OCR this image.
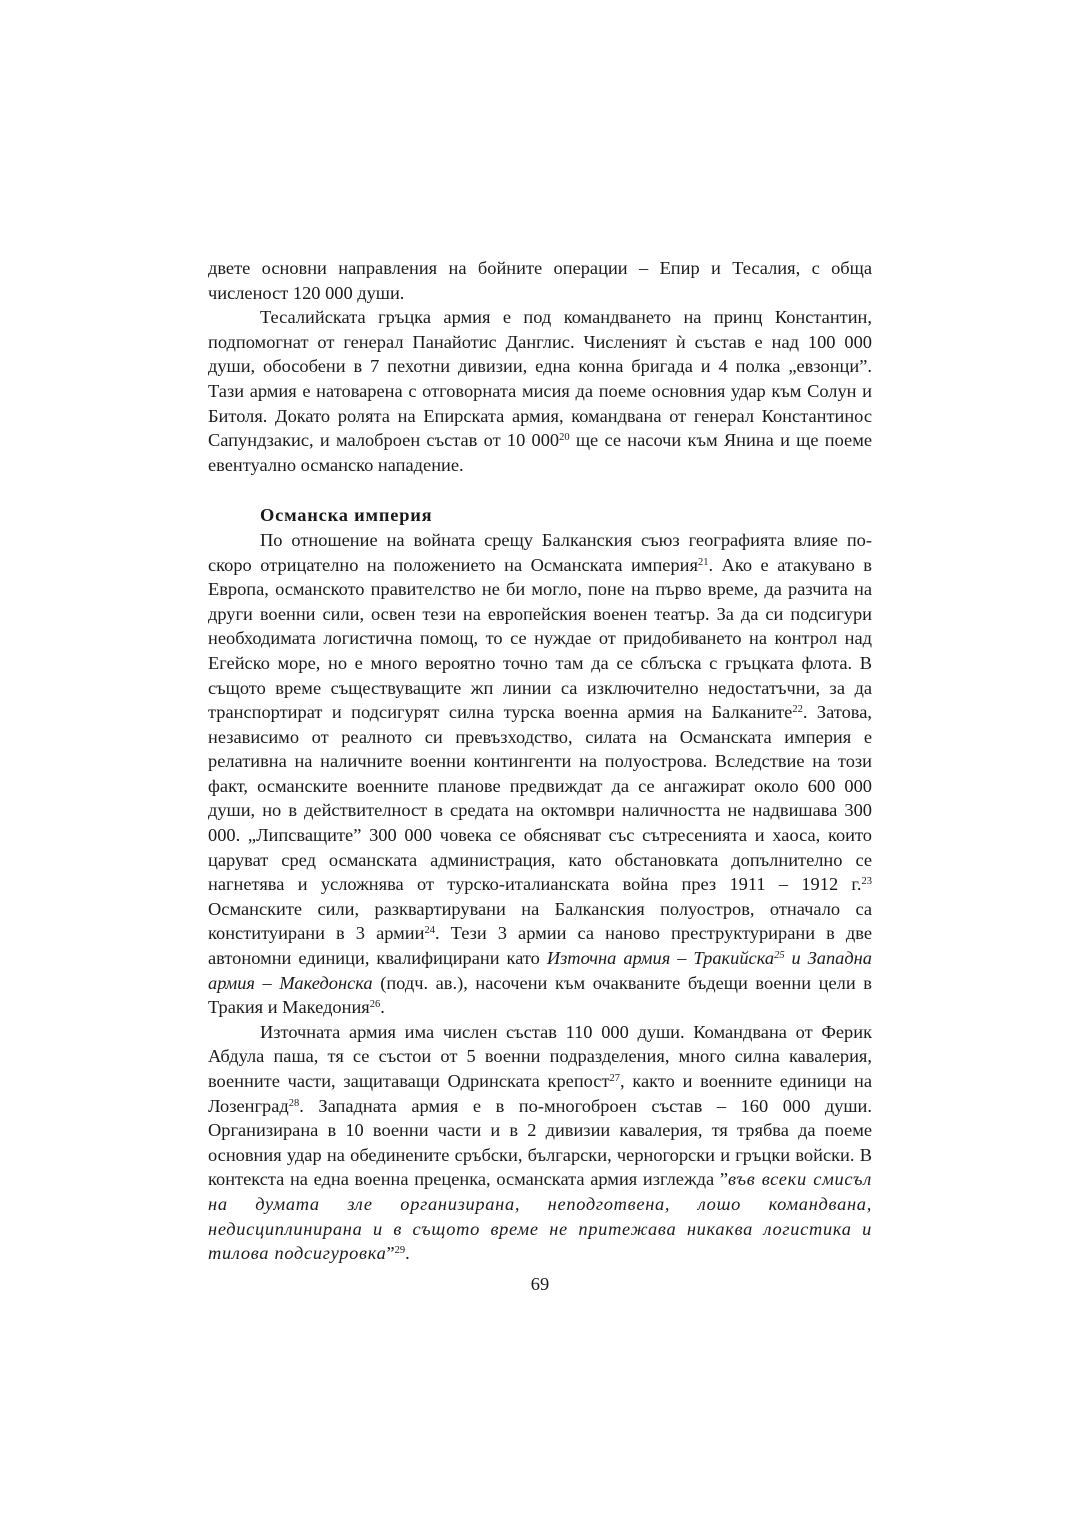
двете основни направления на бойните операции – Епир и Тесалия, с обща численост 120 000 души.

Тесалийската гръцка армия е под командването на принц Константин, подпомогнат от генерал Панайотис Данглис. Численият ѝ състав е над 100 000 души, обособени в 7 пехотни дивизии, една конна бригада и 4 полка „евзонци”. Тази армия е натоварена с отговорната мисия да поеме основния удар към Солун и Битоля. Докато ролята на Епирската армия, командвана от генерал Константинос Сапундзакис, и малоброен състав от 10 $000^{20}$ ще се насочи към Янина и ще поеме евентуално османско нападение.

Османска империя

По отношение на войната срещу Балканския съюз географията влияе по-скоро отрицателно на положението на Османската империя$^{21}$. Ако е атакувано в Европа, османското правителство не би могло, поне на първо време, да разчита на други военни сили, освен тези на европейския военен театър. За да си подсигури необходимата логистична помощ, то се нуждае от придобиването на контрол над Егейско море, но е много вероятно точно там да се сблъска с гръцката флота. В същото време съществуващите жп линии са изключително недостатъчни, за да транспортират и подсигурят силна турска военна армия на Балканите$^{22}$. Затова, независимо от реалното си превъзходство, силата на Османската империя е релативна на наличните военни контингенти на полуострова. Вследствие на този факт, османските военните планове предвиждат да се ангажират около 600 000 души, но в действителност в средата на октомври наличността не надвишава 300 000. „Липсващите” 300 000 човека се обясняват със сътресенията и хаоса, които царуват сред османската администрация, като обстановката допълнително се нагнетява и усложнява от турско-италианската война през 1911 – 1912 г.$^{23}$ Османските сили, разквартирувани на Балканския полуостров, отначало са конституирани в 3 армии$^{24}$. Тези 3 армии са наново преструктурирани в две автономни единици, квалифицирани като Източна армия – Тракийска$^{25}$ и Западна армия – Македонска (подч. ав.), насочени към очакваните бъдещи военни цели в Тракия и Македония$^{26}$.

Източната армия има числен състав 110 000 души. Командвана от Ферик Абдула паша, тя се състои от 5 военни подразделения, много силна кавалерия, военните части, защитаващи Одринската крепост$^{27}$, както и военните единици на Лозенград$^{28}$. Западната армия е в по-многоброен състав – 160 000 души. Организирана в 10 военни части и в 2 дивизии кавалерия, тя трябва да поеме основния удар на обединените сръбски, български, черногорски и гръцки войски. В контекста на една военна преценка, османската армия изглежда ”във всеки смисъл на думата зле организирана, неподготвена, лошо командвана, недисциплинирана и в същото време не притежава никаква логистика и тилова подсигуровка”$^{29}$.

69
